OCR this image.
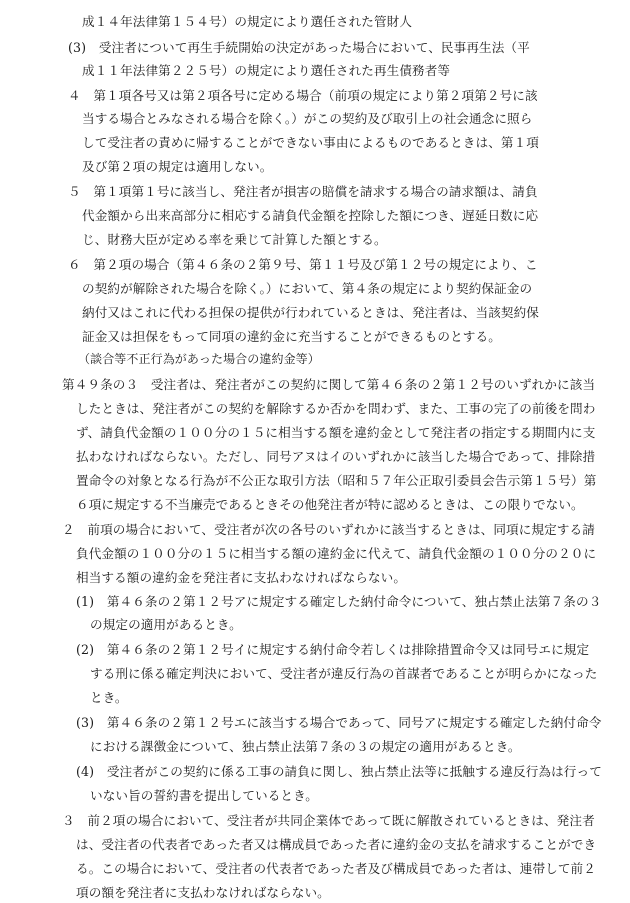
成１４年法律第１５４号）の規定により選任された管財人
(3)　受注者について再生手続開始の決定があった場合において、民事再生法（平
成１１年法律第２２５号）の規定により選任された再生債務者等
４　第１項各号又は第２項各号に定める場合（前項の規定により第２項第２号に該
当する場合とみなされる場合を除く。）がこの契約及び取引上の社会通念に照ら
して受注者の責めに帰することができない事由によるものであるときは、第１項
及び第２項の規定は適用しない。
５　第１項第１号に該当し、発注者が損害の賠償を請求する場合の請求額は、請負
代金額から出来高部分に相応する請負代金額を控除した額につき、遅延日数に応
じ、財務大臣が定める率を乗じて計算した額とする。
６　第２項の場合（第４６条の２第９号、第１１号及び第１２号の規定により、こ
の契約が解除された場合を除く。）において、第４条の規定により契約保証金の
納付又はこれに代わる担保の提供が行われているときは、発注者は、当該契約保
証金又は担保をもって同項の違約金に充当することができるものとする。
（談合等不正行為があった場合の違約金等）
第４９条の３　受注者は、発注者がこの契約に関して第４６条の２第１２号のいずれかに該当
したときは、発注者がこの契約を解除するか否かを問わず、また、工事の完了の前後を問わ
ず、請負代金額の１００分の１５に相当する額を違約金として発注者の指定する期間内に支
払わなければならない。ただし、同号アヌはイのいずれかに該当した場合であって、排除措
置命令の対象となる行為が不公正な取引方法（昭和５７年公正取引委員会告示第１５号）第
６項に規定する不当廉売であるときその他発注者が特に認めるときは、この限りでない。
２　前項の場合において、受注者が次の各号のいずれかに該当するときは、同項に規定する請
負代金額の１００分の１５に相当する額の違約金に代えて、請負代金額の１００分の２０に
相当する額の違約金を発注者に支払わなければならない。
(1)　第４６条の２第１２号アに規定する確定した納付命令について、独占禁止法第７条の３
の規定の適用があるとき。
(2)　第４６条の２第１２号イに規定する納付命令若しくは排除措置命令又は同号エに規定
する刑に係る確定判決において、受注者が違反行為の首謀者であることが明らかになった
とき。
(3)　第４６条の２第１２号エに該当する場合であって、同号アに規定する確定した納付命令
における課徴金について、独占禁止法第７条の３の規定の適用があるとき。
(4)　受注者がこの契約に係る工事の請負に関し、独占禁止法等に抵触する違反行為は行って
いない旨の誓約書を提出しているとき。
３　前２項の場合において、受注者が共同企業体であって既に解散されているときは、発注者
は、受注者の代表者であった者又は構成員であった者に違約金の支払を請求することができ
る。この場合において、受注者の代表者であった者及び構成員であった者は、連帯して前２
項の額を発注者に支払わなければならない。
